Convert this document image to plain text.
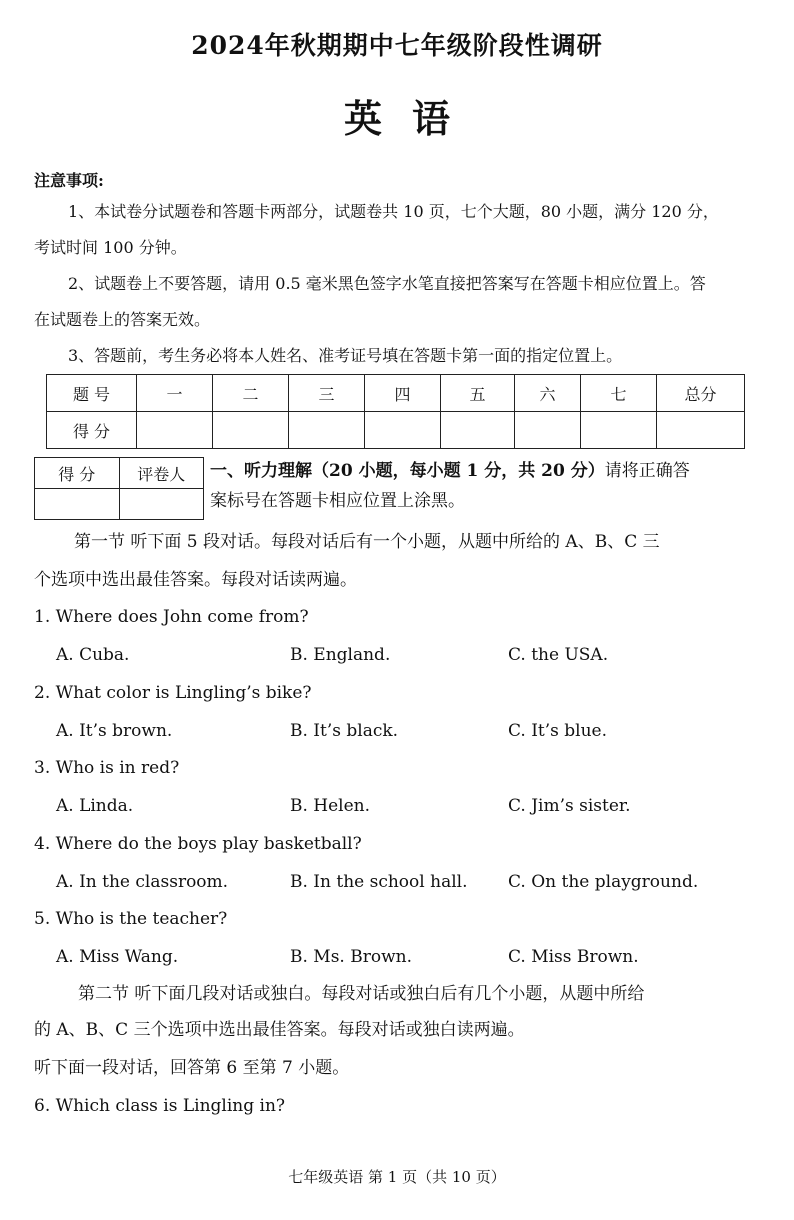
2024年秋期期中七年级阶段性调研
英语
注意事项:
1、本试卷分试题卷和答题卡两部分，试题卷共 10 页，七个大题，80 小题，满分 120 分，
考试时间 100 分钟。
2、试题卷上不要答题，请用 0.5 毫米黑色签字水笔直接把答案写在答题卡相应位置上。答
在试题卷上的答案无效。
3、答题前，考生务必将本人姓名、准考证号填在答题卡第一面的指定位置上。
题 号	一	二	三	四	五	六	七	总分
得 分								
得 分	评卷人
	一、听力理解（20 小题，每小题 1 分，共 20 分）请将正确答
案标号在答题卡相应位置上涂黑。
第一节 听下面 5 段对话。每段对话后有一个小题，从题中所给的 A、B、C 三
个选项中选出最佳答案。每段对话读两遍。
1. Where does John come from?
A. Cuba.	B. England.	C. the USA.
2. What color is Lingling’s bike?
A. It’s brown.	B. It’s black.	C. It’s blue.
3. Who is in red?
A. Linda.	B. Helen.	C. Jim’s sister.
4. Where do the boys play basketball?
A. In the classroom.	B. In the school hall. C. On the playground.
5. Who is the teacher?
A. Miss Wang.	B. Ms. Brown.	C. Miss Brown.
第二节 听下面几段对话或独白。每段对话或独白后有几个小题，从题中所给
的 A、B、C 三个选项中选出最佳答案。每段对话或独白读两遍。
听下面一段对话，回答第 6 至第 7 小题。
6. Which class is Lingling in?
七年级英语 第 1 页（共 10 页）
